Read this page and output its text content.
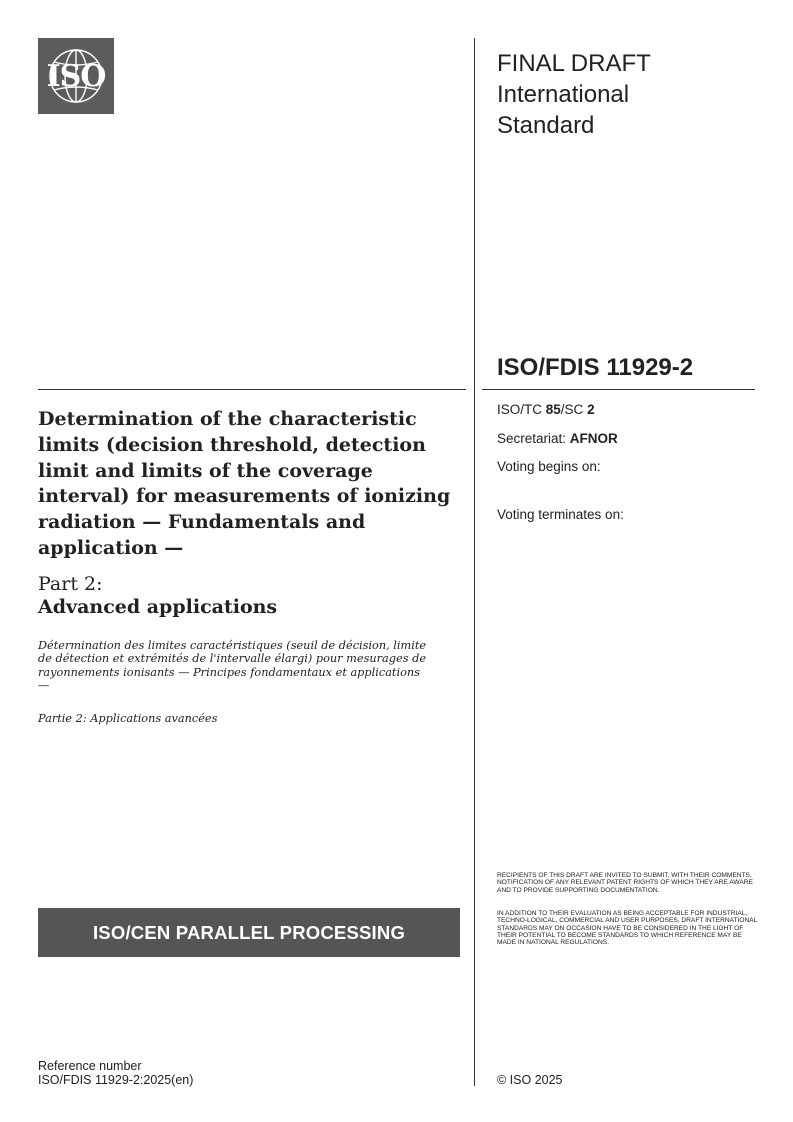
ISO	FINAL DRAFT
International
Standard
ISO/FDIS 11929-2
ISO/TC 85/SC 2
Secretariat: AFNOR
Voting begins on:
Voting terminates on:
Determination of the characteristic limits (decision threshold, detection limit and limits of the coverage interval) for measurements of ionizing radiation — Fundamentals and application —
Part 2:
Advanced applications
Détermination des limites caractéristiques (seuil de décision, limite de détection et extrémités de l'intervalle élargi) pour mesurages de rayonnements ionisants — Principes fondamentaux et applications —
Partie 2: Applications avancées
ISO/CEN PARALLEL PROCESSING
RECIPIENTS OF THIS DRAFT ARE INVITED TO SUBMIT, WITH THEIR COMMENTS, NOTIFICATION OF ANY RELEVANT PATENT RIGHTS OF WHICH THEY ARE AWARE AND TO PROVIDE SUPPORTING DOCUMENTATION.
IN ADDITION TO THEIR EVALUATION AS BEING ACCEPTABLE FOR INDUSTRIAL, TECHNO-LOGICAL, COMMERCIAL AND USER PURPOSES, DRAFT INTERNATIONAL STANDARDS MAY ON OCCASION HAVE TO BE CONSIDERED IN THE LIGHT OF THEIR POTENTIAL TO BECOME STANDARDS TO WHICH REFERENCE MAY BE MADE IN NATIONAL REGULATIONS.
Reference number
ISO/FDIS 11929-2:2025(en)	© ISO 2025
